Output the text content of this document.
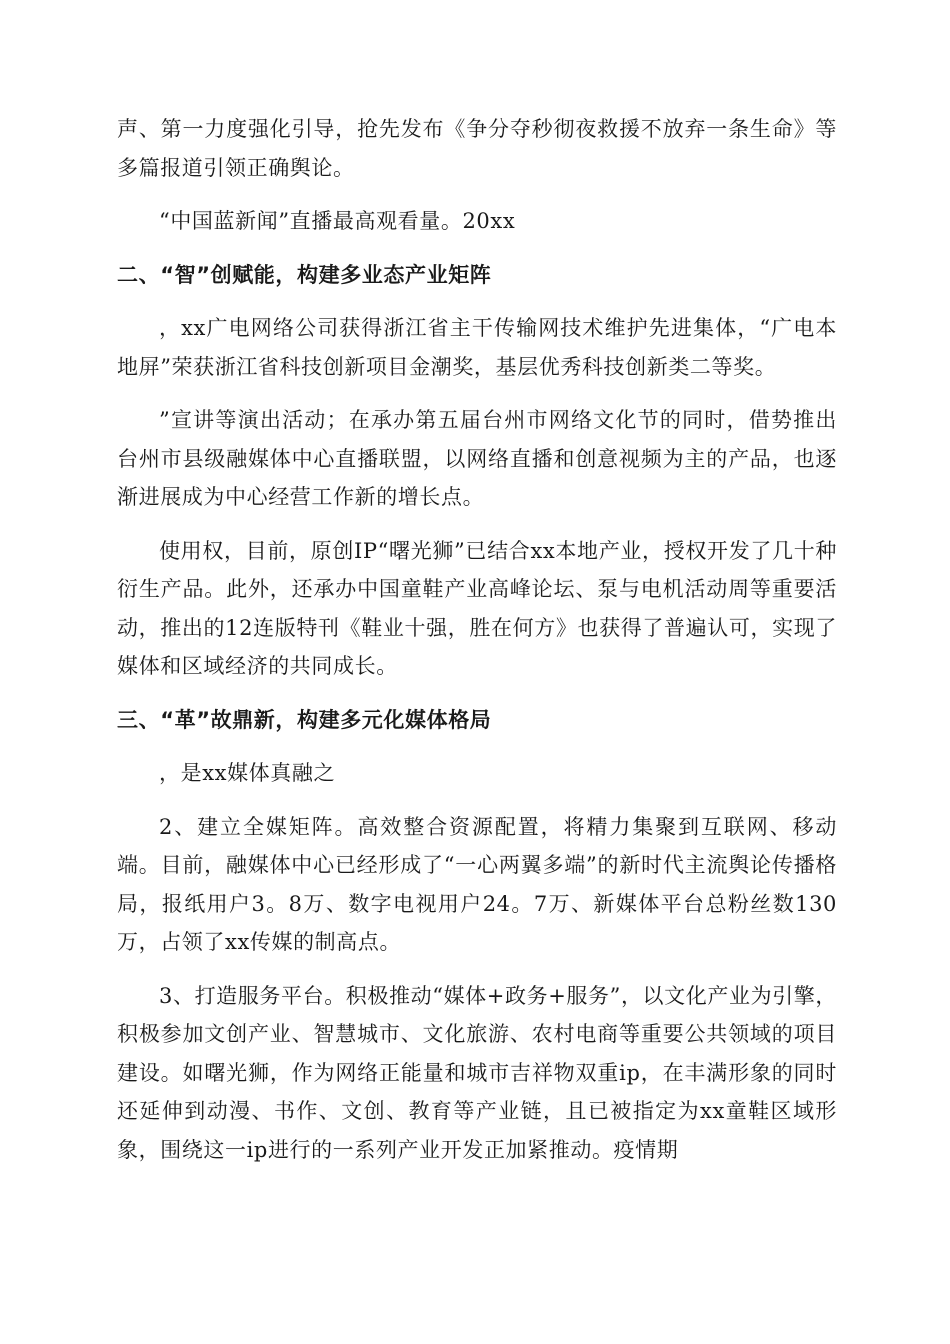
声、第一力度强化引导，抢先发布《争分夺秒彻夜救援不放弃一条生命》等多篇报道引领正确舆论。

“中国蓝新闻”直播最高观看量。20xx

二、“智”创赋能，构建多业态产业矩阵

，xx广电网络公司获得浙江省主干传输网技术维护先进集体，“广电本地屏”荣获浙江省科技创新项目金潮奖，基层优秀科技创新类二等奖。

”宣讲等演出活动；在承办第五届台州市网络文化节的同时，借势推出台州市县级融媒体中心直播联盟，以网络直播和创意视频为主的产品，也逐渐进展成为中心经营工作新的增长点。

使用权，目前，原创IP“曙光狮”已结合xx本地产业，授权开发了几十种衍生产品。此外，还承办中国童鞋产业高峰论坛、泵与电机活动周等重要活动，推出的12连版特刊《鞋业十强，胜在何方》也获得了普遍认可，实现了媒体和区域经济的共同成长。

三、“革”故鼎新，构建多元化媒体格局

，是xx媒体真融之

2、建立全媒矩阵。高效整合资源配置，将精力集聚到互联网、移动端。目前，融媒体中心已经形成了“一心两翼多端”的新时代主流舆论传播格局，报纸用户3。8万、数字电视用户24。7万、新媒体平台总粉丝数130万，占领了xx传媒的制高点。

3、打造服务平台。积极推动“媒体+政务+服务”，以文化产业为引擎，积极参加文创产业、智慧城市、文化旅游、农村电商等重要公共领域的项目建设。如曙光狮，作为网络正能量和城市吉祥物双重ip，在丰满形象的同时还延伸到动漫、书作、文创、教育等产业链，且已被指定为xx童鞋区域形象，围绕这一ip进行的一系列产业开发正加紧推动。疫情期
